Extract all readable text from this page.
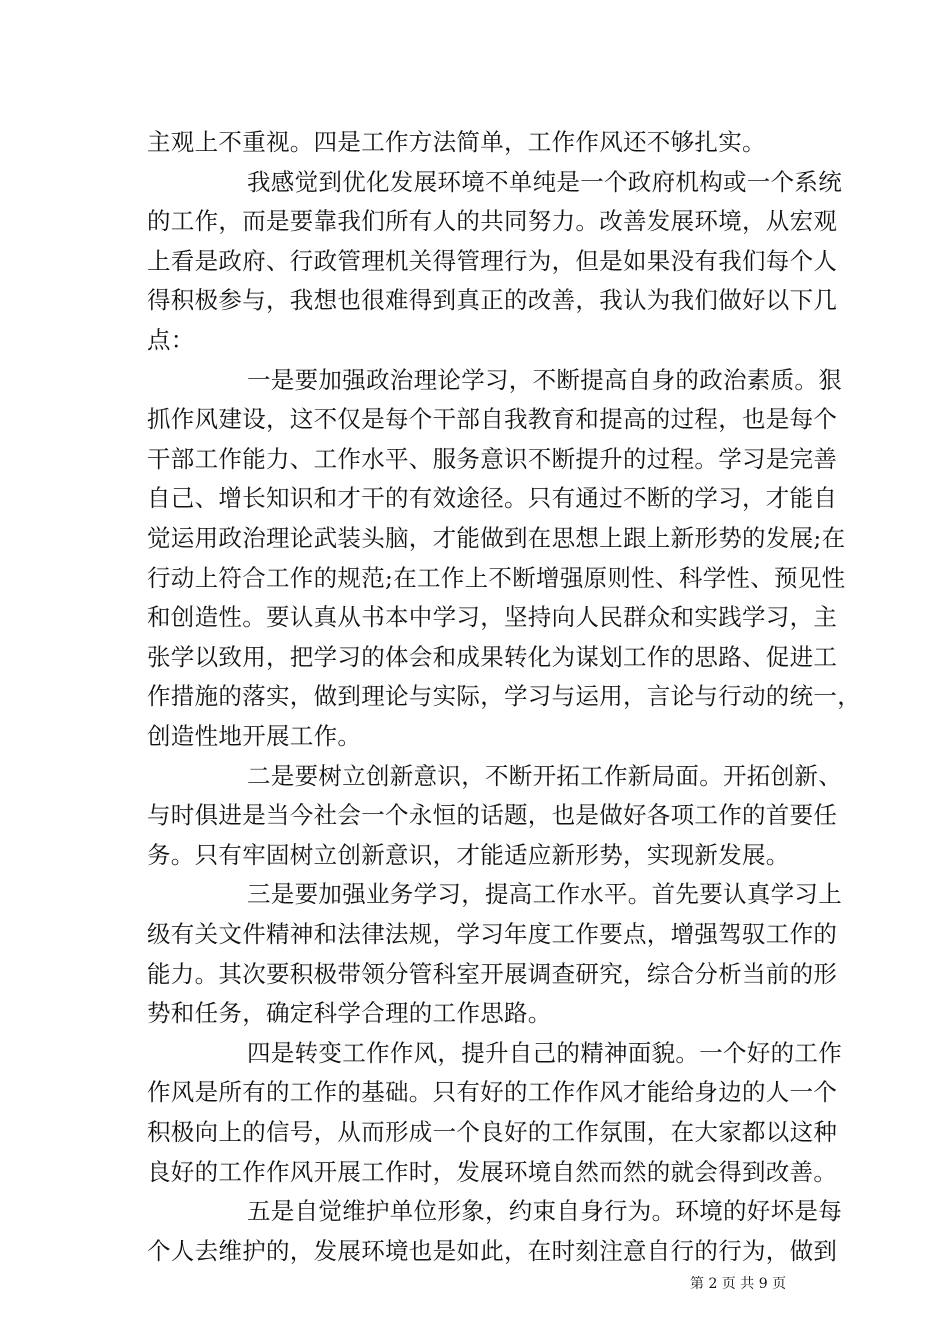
主观上不重视。四是工作方法简单，工作作风还不够扎实。
我感觉到优化发展环境不单纯是一个政府机构或一个系统
的工作，而是要靠我们所有人的共同努力。改善发展环境，从宏观
上看是政府、行政管理机关得管理行为，但是如果没有我们每个人
得积极参与，我想也很难得到真正的改善，我认为我们做好以下几
点：
一是要加强政治理论学习，不断提高自身的政治素质。狠
抓作风建设，这不仅是每个干部自我教育和提高的过程，也是每个
干部工作能力、工作水平、服务意识不断提升的过程。学习是完善
自己、增长知识和才干的有效途径。只有通过不断的学习，才能自
觉运用政治理论武装头脑，才能做到在思想上跟上新形势的发展;在
行动上符合工作的规范;在工作上不断增强原则性、科学性、预见性
和创造性。要认真从书本中学习，坚持向人民群众和实践学习，主
张学以致用，把学习的体会和成果转化为谋划工作的思路、促进工
作措施的落实，做到理论与实际，学习与运用，言论与行动的统一，
创造性地开展工作。
二是要树立创新意识，不断开拓工作新局面。开拓创新、
与时俱进是当今社会一个永恒的话题，也是做好各项工作的首要任
务。只有牢固树立创新意识，才能适应新形势，实现新发展。
三是要加强业务学习，提高工作水平。首先要认真学习上
级有关文件精神和法律法规，学习年度工作要点，增强驾驭工作的
能力。其次要积极带领分管科室开展调查研究，综合分析当前的形
势和任务，确定科学合理的工作思路。
四是转变工作作风，提升自己的精神面貌。一个好的工作
作风是所有的工作的基础。只有好的工作作风才能给身边的人一个
积极向上的信号，从而形成一个良好的工作氛围，在大家都以这种
良好的工作作风开展工作时，发展环境自然而然的就会得到改善。
五是自觉维护单位形象，约束自身行为。环境的好坏是每
个人去维护的，发展环境也是如此，在时刻注意自行的行为，做到
第 2 页 共 9 页
